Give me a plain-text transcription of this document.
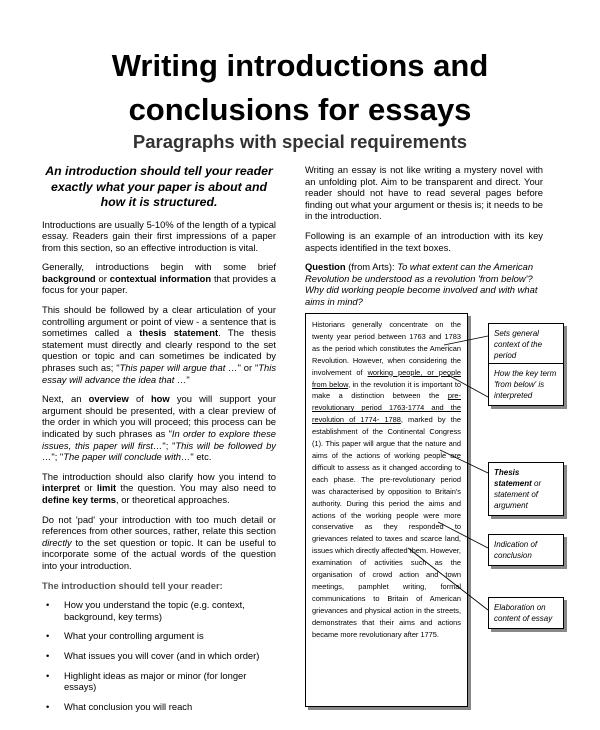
Writing introductions and
conclusions for essays
Paragraphs with special requirements
An introduction should tell your reader exactly what your paper is about and how it is structured.

Introductions are usually 5-10% of the length of a typical essay. Readers gain their first impressions of a paper from this section, so an effective introduction is vital.

Generally, introductions begin with some brief background or contextual information that provides a focus for your paper.

This should be followed by a clear articulation of your controlling argument or point of view - a sentence that is sometimes called a thesis statement. The thesis statement must directly and clearly respond to the set question or topic and can sometimes be indicated by phrases such as; "This paper will argue that …" or "This essay will advance the idea that …"

Next, an overview of how you will support your argument should be presented, with a clear preview of the order in which you will proceed; this process can be indicated by such phrases as "In order to explore these issues, this paper will first…"; "This will be followed by …"; "The paper will conclude with…" etc.

The introduction should also clarify how you intend to interpret or limit the question. You may also need to define key terms, or theoretical approaches.

Do not 'pad' your introduction with too much detail or references from other sources, rather, relate this section directly to the set question or topic. It can be useful to incorporate some of the actual words of the question into your introduction.

The introduction should tell your reader:
• How you understand the topic (e.g. context, background, key terms)
• What your controlling argument is
• What issues you will cover (and in which order)
• Highlight ideas as major or minor (for longer essays)
• What conclusion you will reach

Writing an essay is not like writing a mystery novel with an unfolding plot. Aim to be transparent and direct. Your reader should not have to read several pages before finding out what your argument or thesis is; it needs to be in the introduction.

Following is an example of an introduction with its key aspects identified in the text boxes.

Question (from Arts): To what extent can the American Revolution be understood as a revolution 'from below'? Why did working people become involved and with what aims in mind?

Historians generally concentrate on the twenty year period between 1763 and 1783 as the period which constitutes the American Revolution. However, when considering the involvement of working people, or people from below, in the revolution it is important to make a distinction between the pre- revolutionary period 1763-1774 and the revolution of 1774- 1788, marked by the establishment of the Continental Congress (1). This paper will argue that the nature and aims of the actions of working people are difficult to assess as it changed according to each phase. The pre-revolutionary period was characterised by opposition to Britain's authority. During this period the aims and actions of the working people were more conservative as they responded to grievances related to taxes and scarce land, issues which directly affected them. However, examination of activities such as the organisation of crowd action and town meetings, pamphlet writing, formal communications to Britain of American grievances and physical action in the streets, demonstrates that their aims and actions became more revolutionary after 1775.
Sets general context of the period
How the key term 'from below' is interpreted
Thesis statement or statement of argument
Indication of conclusion
Elaboration on content of essay
